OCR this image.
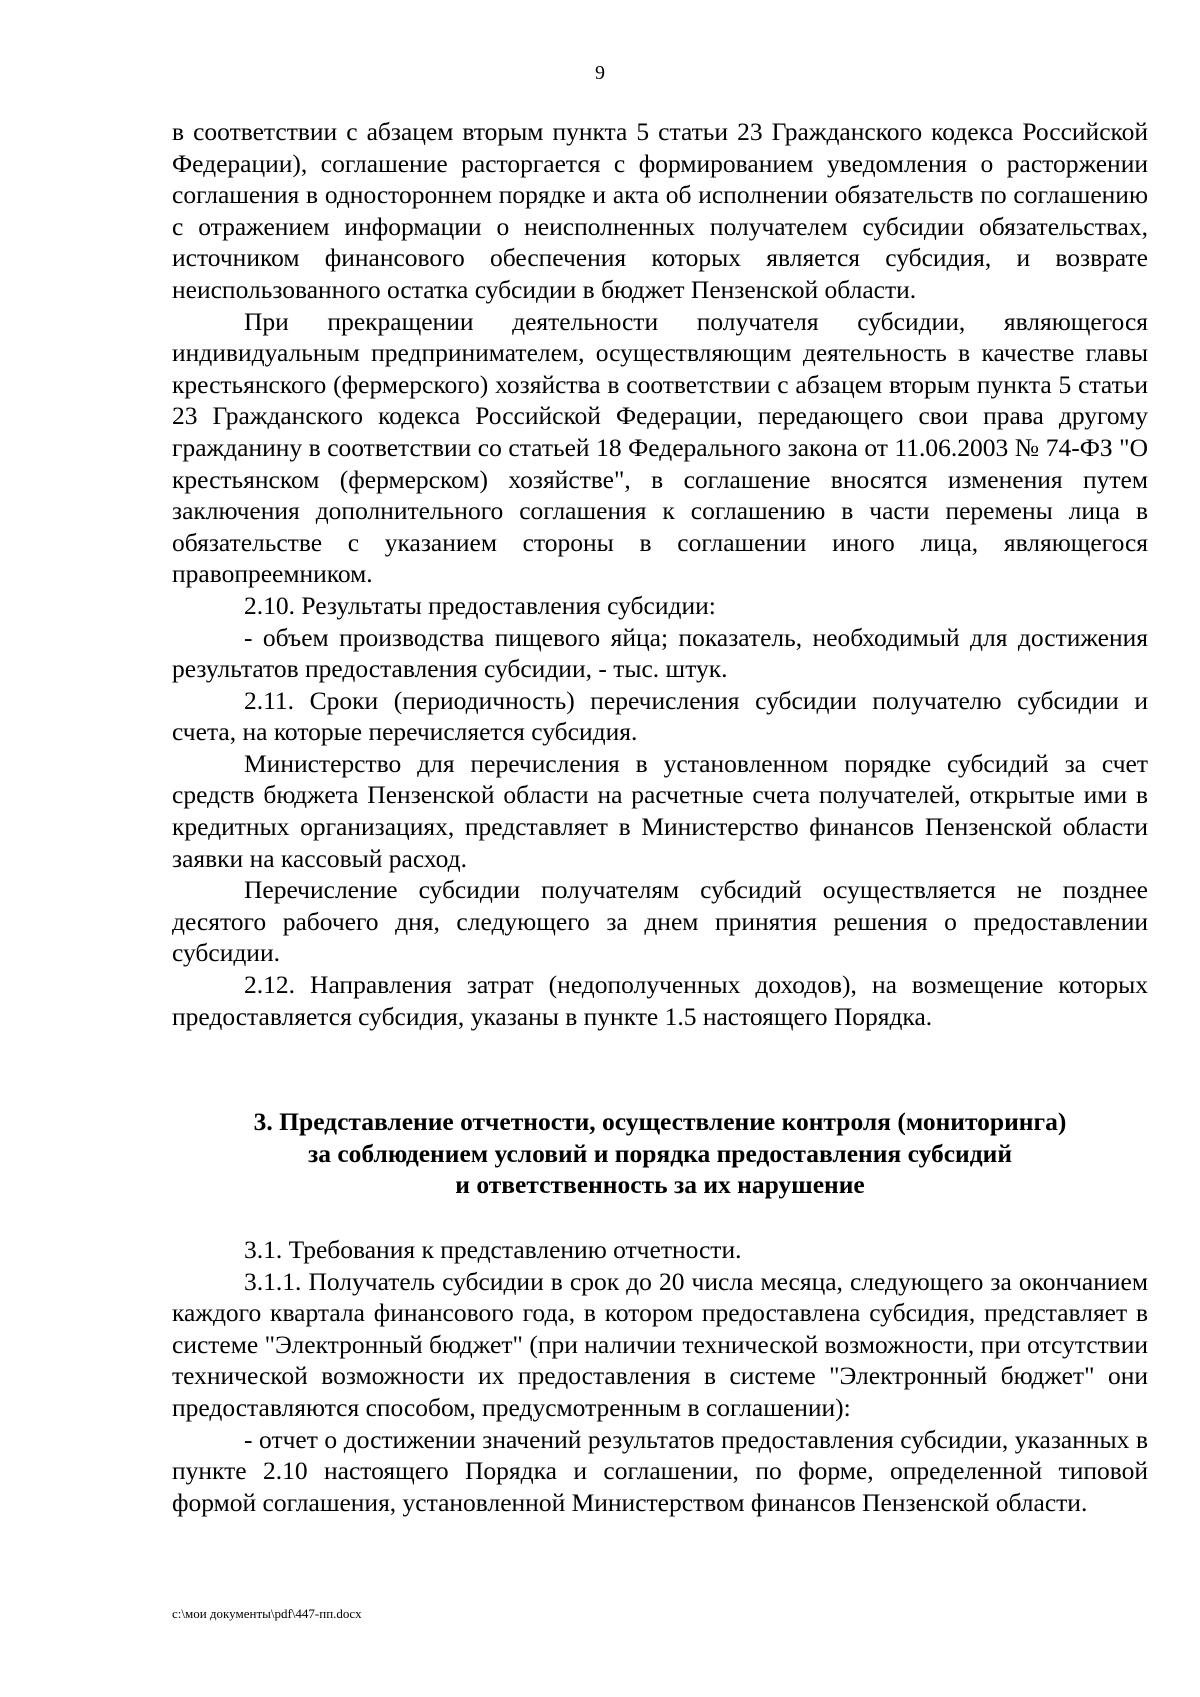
9

в соответствии с абзацем вторым пункта 5 статьи 23 Гражданского кодекса Российской Федерации), соглашение расторгается с формированием уведомления о расторжении соглашения в одностороннем порядке и акта об исполнении обязательств по соглашению с отражением информации о неисполненных получателем субсидии обязательствах, источником финансового обеспечения которых является субсидия, и возврате неиспользованного остатка субсидии в бюджет Пензенской области.

При прекращении деятельности получателя субсидии, являющегося индивидуальным предпринимателем, осуществляющим деятельность в качестве главы крестьянского (фермерского) хозяйства в соответствии с абзацем вторым пункта 5 статьи 23 Гражданского кодекса Российской Федерации, передающего свои права другому гражданину в соответствии со статьей 18 Федерального закона от 11.06.2003 № 74-ФЗ "О крестьянском (фермерском) хозяйстве", в соглашение вносятся изменения путем заключения дополнительного соглашения к соглашению в части перемены лица в обязательстве с указанием стороны в соглашении иного лица, являющегося правопреемником.

2.10. Результаты предоставления субсидии:

- объем производства пищевого яйца; показатель, необходимый для достижения результатов предоставления субсидии, - тыс. штук.

2.11. Сроки (периодичность) перечисления субсидии получателю субсидии и счета, на которые перечисляется субсидия.

Министерство для перечисления в установленном порядке субсидий за счет средств бюджета Пензенской области на расчетные счета получателей, открытые ими в кредитных организациях, представляет в Министерство финансов Пензенской области заявки на кассовый расход.

Перечисление субсидии получателям субсидий осуществляется не позднее десятого рабочего дня, следующего за днем принятия решения о предоставлении субсидии.

2.12. Направления затрат (недополученных доходов), на возмещение которых предоставляется субсидия, указаны в пункте 1.5 настоящего Порядка.

3. Представление отчетности, осуществление контроля (мониторинга)
за соблюдением условий и порядка предоставления субсидий
и ответственность за их нарушение

3.1. Требования к представлению отчетности.

3.1.1. Получатель субсидии в срок до 20 числа месяца, следующего за окончанием каждого квартала финансового года, в котором предоставлена субсидия, представляет в системе "Электронный бюджет" (при наличии технической возможности, при отсутствии технической возможности их предоставления в системе "Электронный бюджет" они предоставляются способом, предусмотренным в соглашении):

- отчет о достижении значений результатов предоставления субсидии, указанных в пункте 2.10 настоящего Порядка и соглашении, по форме, определенной типовой формой соглашения, установленной Министерством финансов Пензенской области.

c:\мои документы\pdf\447-пп.docx
